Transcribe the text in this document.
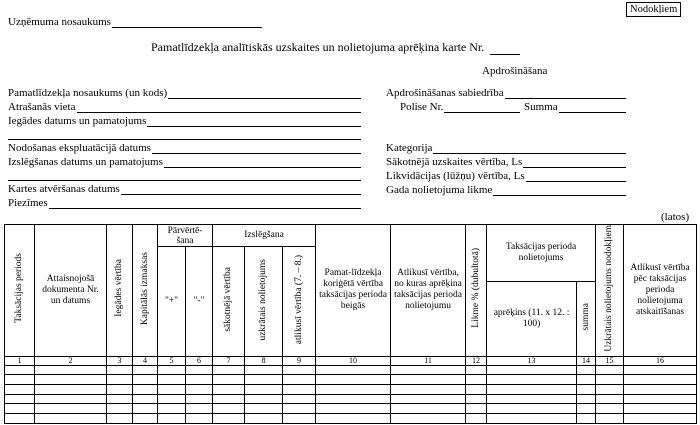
Nodokļiem
Uzņēmuma nosaukums
Pamatlīdzekļa analītiskās uzskaites un nolietojuma aprēķina karte Nr.
Apdrošināšana
Pamatlīdzekļa nosaukums (un kods)
Atrašanās vieta
Iegādes datums un pamatojums
Nodošanas ekspluatācijā datums
Izslēgšanas datums un pamatojums
Kartes atvēršanas datums
Piezīmes
Apdrošināšanas sabiedrība
Polise Nr.	Summa
Kategorija
Sākotnējā uzskaites vērtība, Ls
Likvidācijas (lūžņu) vērtība, Ls
Gada nolietojuma likme
(latos)
Taksācijas periods	Attaisnojošā dokumenta Nr. un datums	Iegādes vērtība	Kapitālās izmaksas	Pārvērtē-šana		Izslēgšana			Pamat-līdzekļa koriģētā vērtība taksācijas perioda beigās	Atlikusī vērtība, no kuras aprēķina taksācijas perioda nolietojumu	Likme % (dubultotā)	Taksācijas perioda nolietojums		Uzkrātais nolietojums nodokļiem	Atlikusī vērtība pēc taksācijas perioda nolietojuma atskaitīšanas
				"+"	"-"	sākotnējā vērtība	uzkrātais nolietojums	atlikusī vērtība (7. – 8.)							
												aprēķins (11. x 12. : 100)	summa		
1	2	3	4	5	6	7	8	9	10	11	12	13	14	15	16
